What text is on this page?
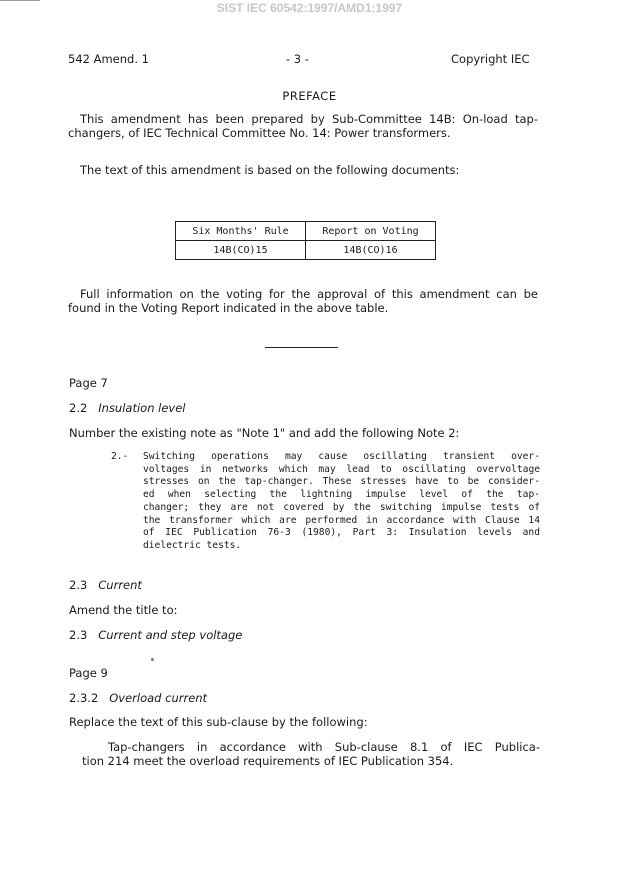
SIST IEC 60542:1997/AMD1:1997
542 Amend. 1	- 3 -	Copyright IEC
PREFACE
This amendment has been prepared by Sub-Committee 14B: On-load tap-
changers, of IEC Technical Committee No. 14: Power transformers.
The text of this amendment is based on the following documents:
Six Months' Rule	Report on Voting
14B(CO)15	14B(CO)16
Full information on the voting for the approval of this amendment can be
found in the Voting Report indicated in the above table.
Page 7
2.2 Insulation level
Number the existing note as "Note 1" and add the following Note 2:
2.- Switching operations may cause oscillating transient over-
voltages in networks which may lead to oscillating overvoltage
stresses on the tap-changer. These stresses have to be consider-
ed when selecting the lightning impulse level of the tap-
changer; they are not covered by the switching impulse tests of
the transformer which are performed in accordance with Clause 14
of IEC Publication 76-3 (1980), Part 3: Insulation levels and
dielectric tests.
2.3 Current
Amend the title to:
2.3 Current and step voltage
Page 9
2.3.2 Overload current
Replace the text of this sub-clause by the following:
Tap-changers in accordance with Sub-clause 8.1 of IEC Publica-
tion 214 meet the overload requirements of IEC Publication 354.
